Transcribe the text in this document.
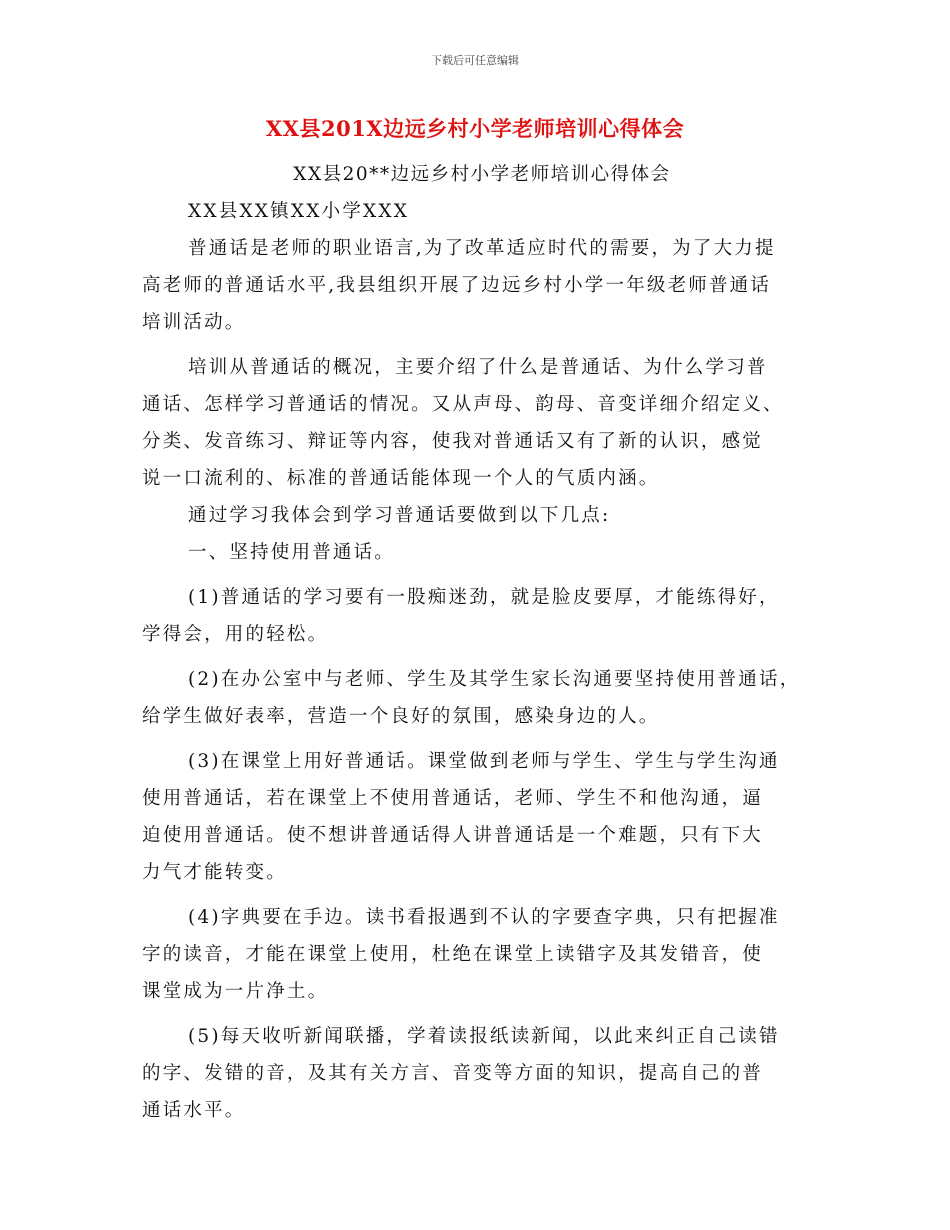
下载后可任意编辑
XX县201X边远乡村小学老师培训心得体会
XX县20**边远乡村小学老师培训心得体会
XX县XX镇XX小学XXX
普通话是老师的职业语言,为了改革适应时代的需要，为了大力提
高老师的普通话水平,我县组织开展了边远乡村小学一年级老师普通话
培训活动。
培训从普通话的概况，主要介绍了什么是普通话、为什么学习普
通话、怎样学习普通话的情况。又从声母、韵母、音变详细介绍定义、
分类、发音练习、辩证等内容，使我对普通话又有了新的认识，感觉
说一口流利的、标准的普通话能体现一个人的气质内涵。
通过学习我体会到学习普通话要做到以下几点:
一、坚持使用普通话。
(1)普通话的学习要有一股痴迷劲，就是脸皮要厚，才能练得好，
学得会，用的轻松。
(2)在办公室中与老师、学生及其学生家长沟通要坚持使用普通话，
给学生做好表率，营造一个良好的氛围，感染身边的人。
(3)在课堂上用好普通话。课堂做到老师与学生、学生与学生沟通
使用普通话，若在课堂上不使用普通话，老师、学生不和他沟通，逼
迫使用普通话。使不想讲普通话得人讲普通话是一个难题，只有下大
力气才能转变。
(4)字典要在手边。读书看报遇到不认的字要查字典，只有把握准
字的读音，才能在课堂上使用，杜绝在课堂上读错字及其发错音，使
课堂成为一片净土。
(5)每天收听新闻联播，学着读报纸读新闻，以此来纠正自己读错
的字、发错的音，及其有关方言、音变等方面的知识，提高自己的普
通话水平。
